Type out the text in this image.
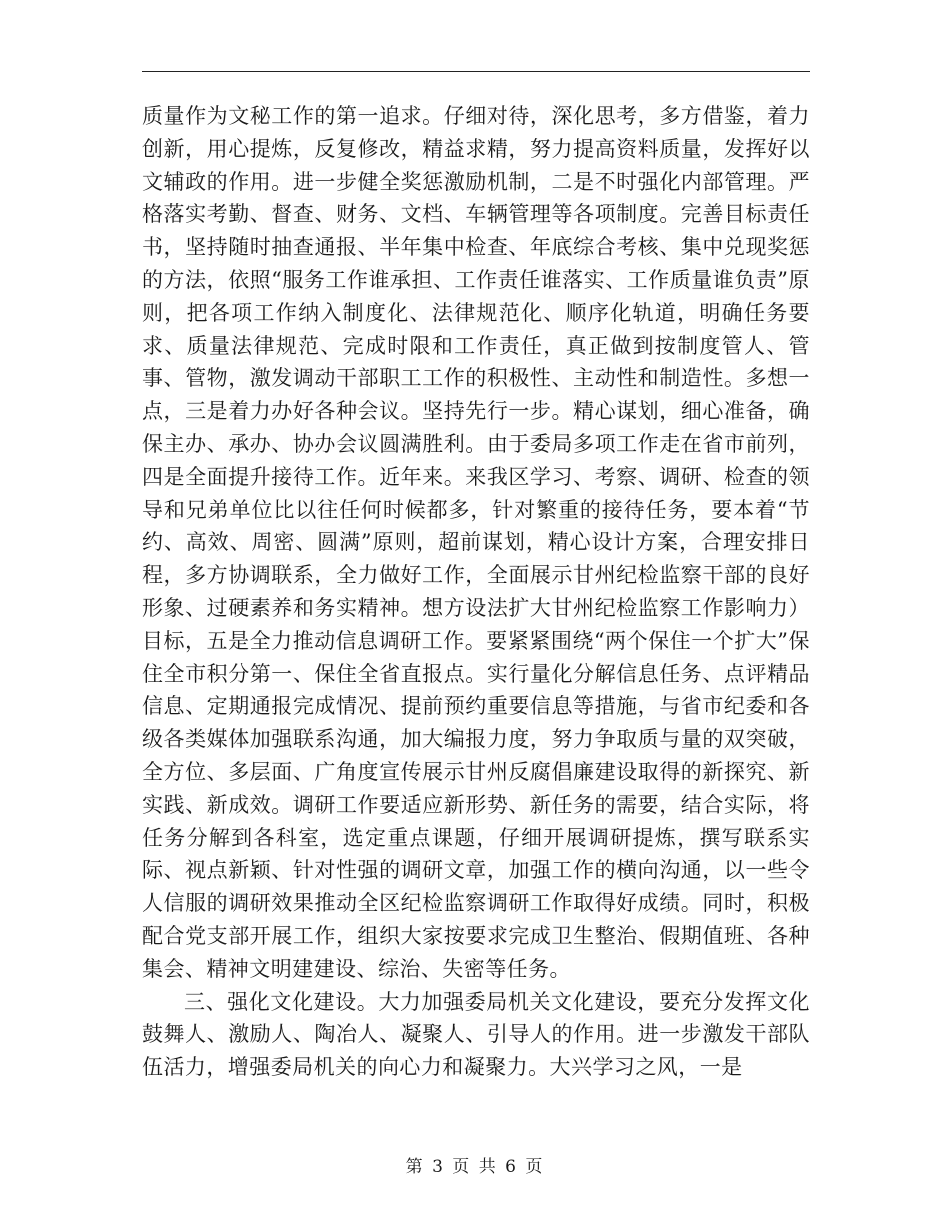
质量作为文秘工作的第一追求。仔细对待，深化思考，多方借鉴，着力创新，用心提炼，反复修改，精益求精，努力提高资料质量，发挥好以文辅政的作用。进一步健全奖惩激励机制，二是不时强化内部管理。严格落实考勤、督查、财务、文档、车辆管理等各项制度。完善目标责任书，坚持随时抽查通报、半年集中检查、年底综合考核、集中兑现奖惩的方法，依照“服务工作谁承担、工作责任谁落实、工作质量谁负责”原则，把各项工作纳入制度化、法律规范化、顺序化轨道，明确任务要求、质量法律规范、完成时限和工作责任，真正做到按制度管人、管事、管物，激发调动干部职工工作的积极性、主动性和制造性。多想一点，三是着力办好各种会议。坚持先行一步。精心谋划，细心准备，确保主办、承办、协办会议圆满胜利。由于委局多项工作走在省市前列，四是全面提升接待工作。近年来。来我区学习、考察、调研、检查的领导和兄弟单位比以往任何时候都多，针对繁重的接待任务，要本着“节约、高效、周密、圆满”原则，超前谋划，精心设计方案，合理安排日程，多方协调联系，全力做好工作，全面展示甘州纪检监察干部的良好形象、过硬素养和务实精神。想方设法扩大甘州纪检监察工作影响力）目标，五是全力推动信息调研工作。要紧紧围绕“两个保住一个扩大”保住全市积分第一、保住全省直报点。实行量化分解信息任务、点评精品信息、定期通报完成情况、提前预约重要信息等措施，与省市纪委和各级各类媒体加强联系沟通，加大编报力度，努力争取质与量的双突破，全方位、多层面、广角度宣传展示甘州反腐倡廉建设取得的新探究、新实践、新成效。调研工作要适应新形势、新任务的需要，结合实际，将任务分解到各科室，选定重点课题，仔细开展调研提炼，撰写联系实际、视点新颖、针对性强的调研文章，加强工作的横向沟通，以一些令人信服的调研效果推动全区纪检监察调研工作取得好成绩。同时，积极配合党支部开展工作，组织大家按要求完成卫生整治、假期值班、各种集会、精神文明建建设、综治、失密等任务。

三、强化文化建设。大力加强委局机关文化建设，要充分发挥文化鼓舞人、激励人、陶冶人、凝聚人、引导人的作用。进一步激发干部队伍活力，增强委局机关的向心力和凝聚力。大兴学习之风，一是

第 3 页 共 6 页
